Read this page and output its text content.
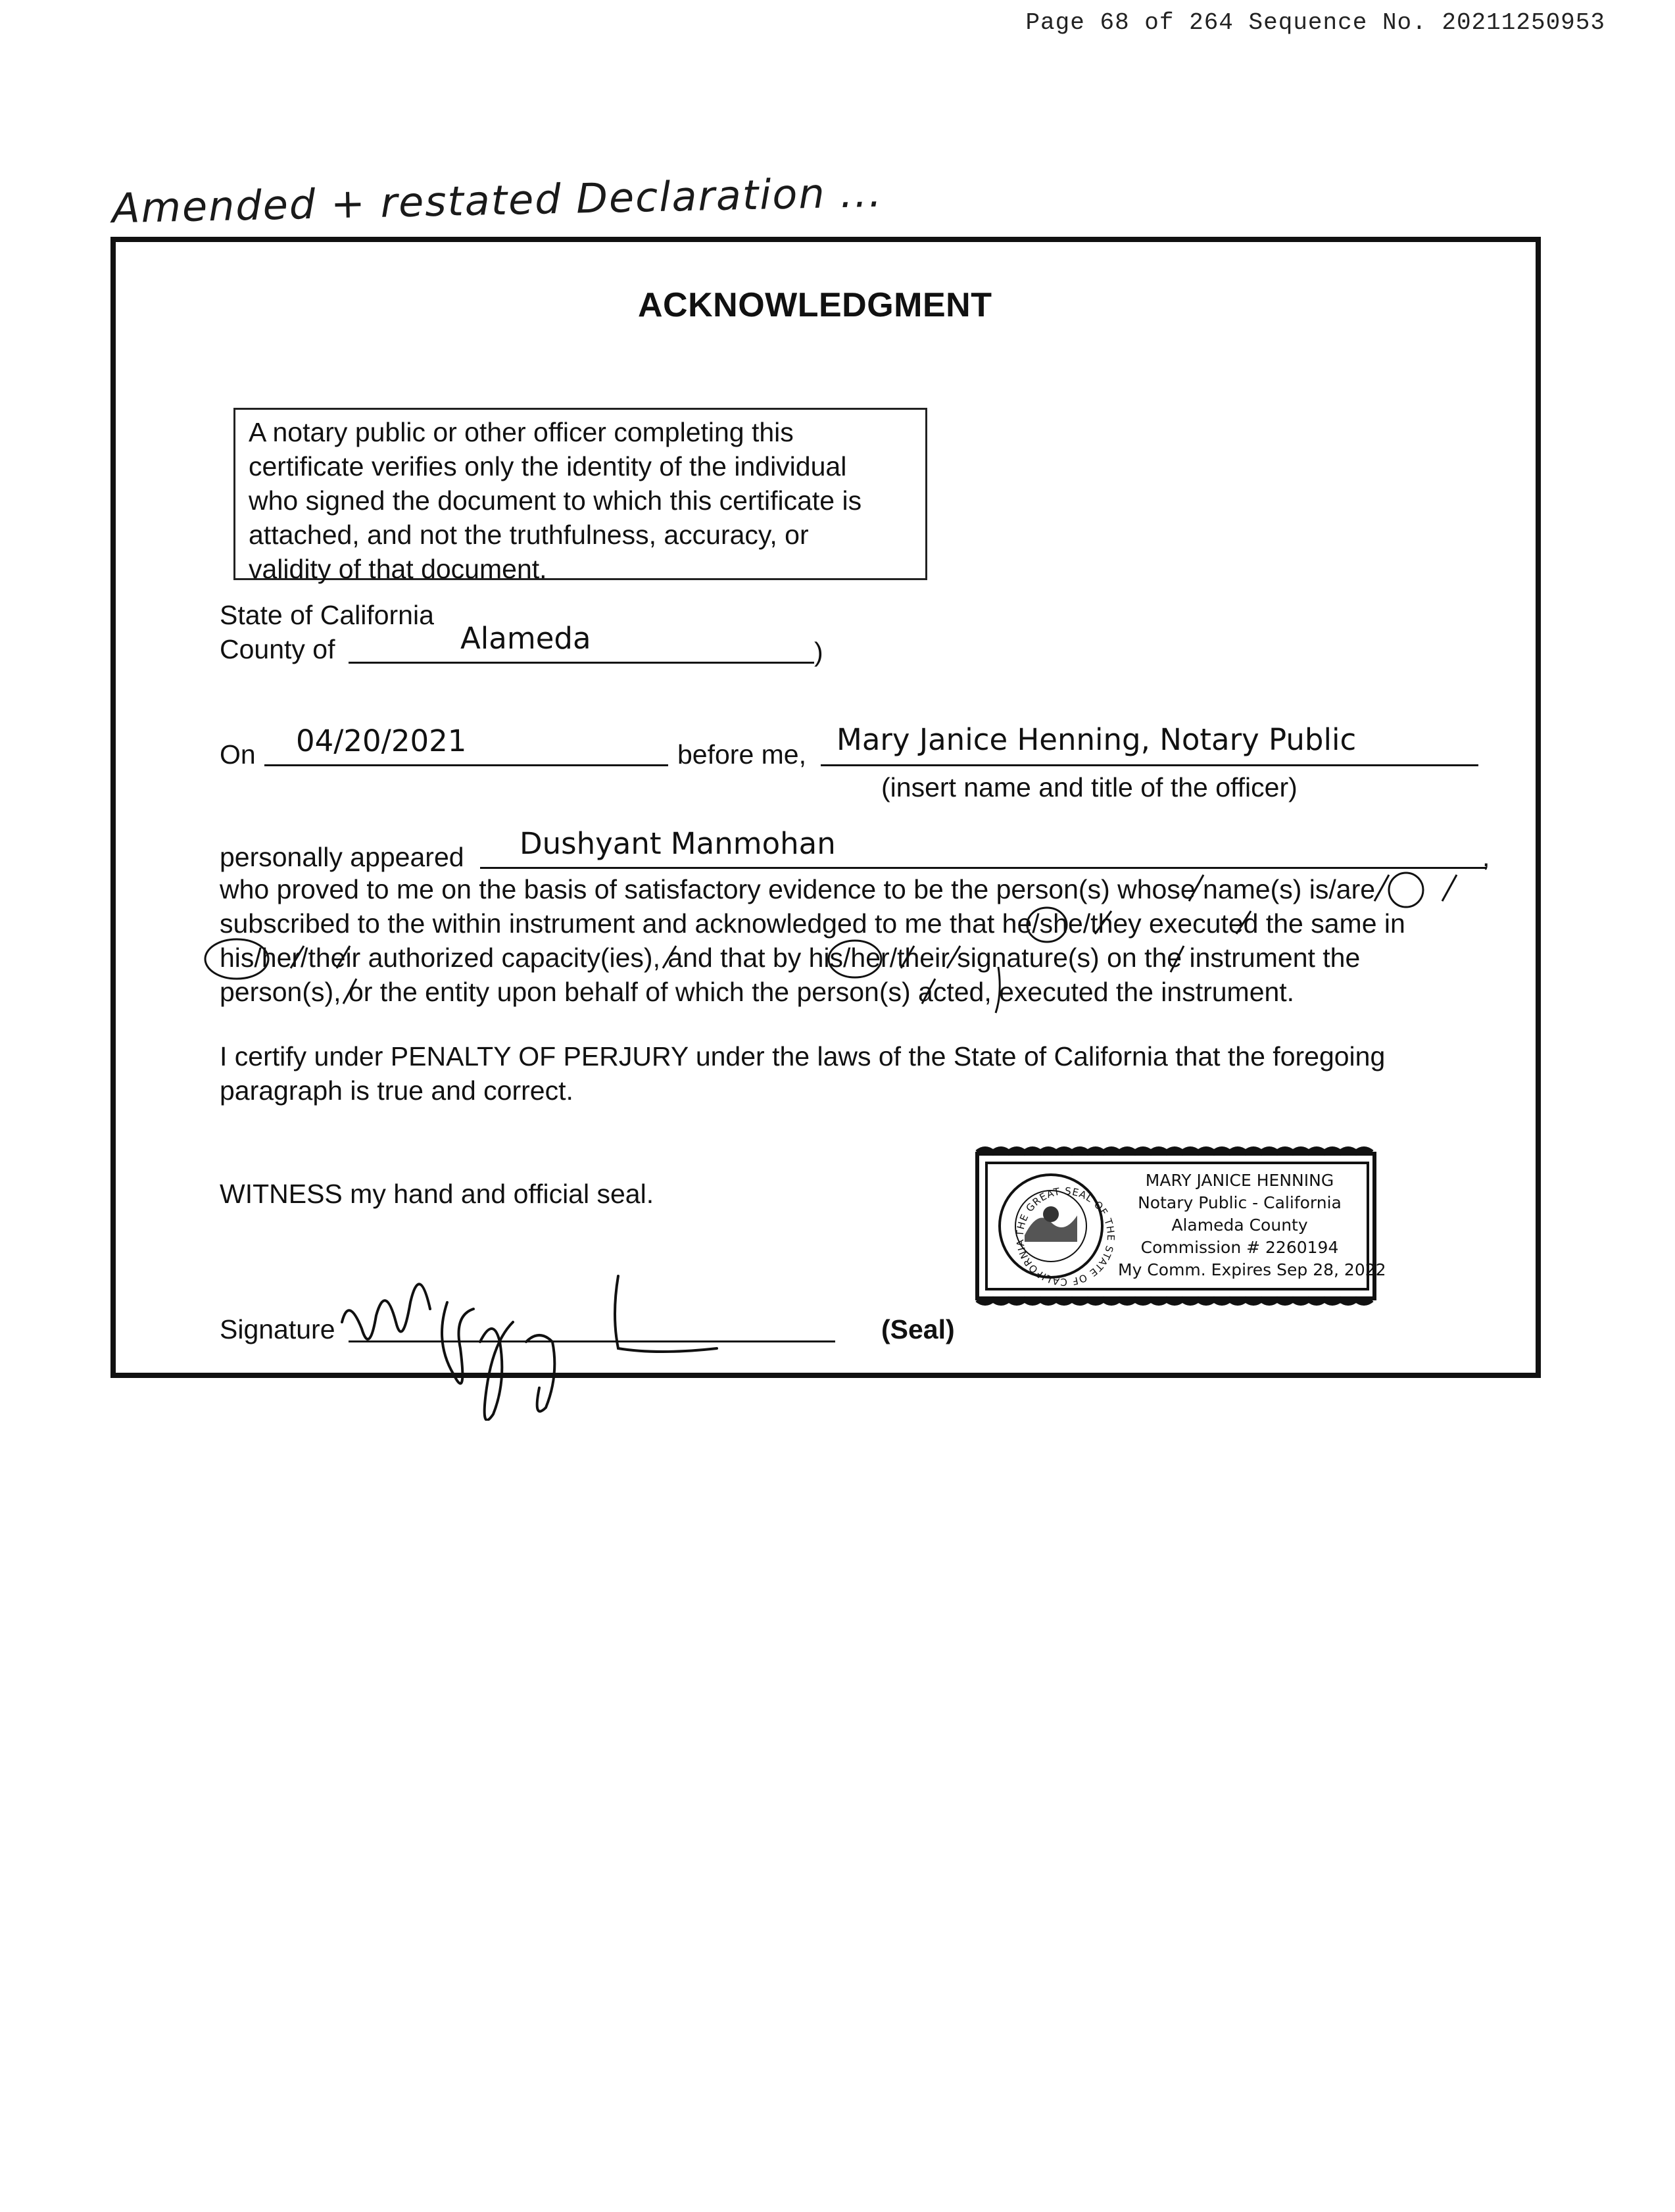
Page 68 of 264 Sequence No. 20211250953
Amended + restated Declaration ...
ACKNOWLEDGMENT
A notary public or other officer completing this
certificate verifies only the identity of the individual
who signed the document to which this certificate is
attached, and not the truthfulness, accuracy, or
validity of that document.
State of California
County of	Alameda	)
On 04/20/2021	before me, Mary Janice Henning, Notary Public
(insert name and title of the officer)
personally appeared Dushyant Manmohan	,
who proved to me on the basis of satisfactory evidence to be the person(s) whose name(s) is/are
subscribed to the within instrument and acknowledged to me that he/she/they executed the same in
his/her/their authorized capacity(ies), and that by his/her/their signature(s) on the instrument the
person(s), or the entity upon behalf of which the person(s) acted, executed the instrument.
I certify under PENALTY OF PERJURY under the laws of the State of California that the foregoing
paragraph is true and correct.
WITNESS my hand and official seal.
Signature	(Seal)
THE GREAT SEAL OF THE STATE OF CALIFORNIA
MARY JANICE HENNING
Notary Public - California
Alameda County
Commission # 2260194
My Comm. Expires Sep 28, 2022
